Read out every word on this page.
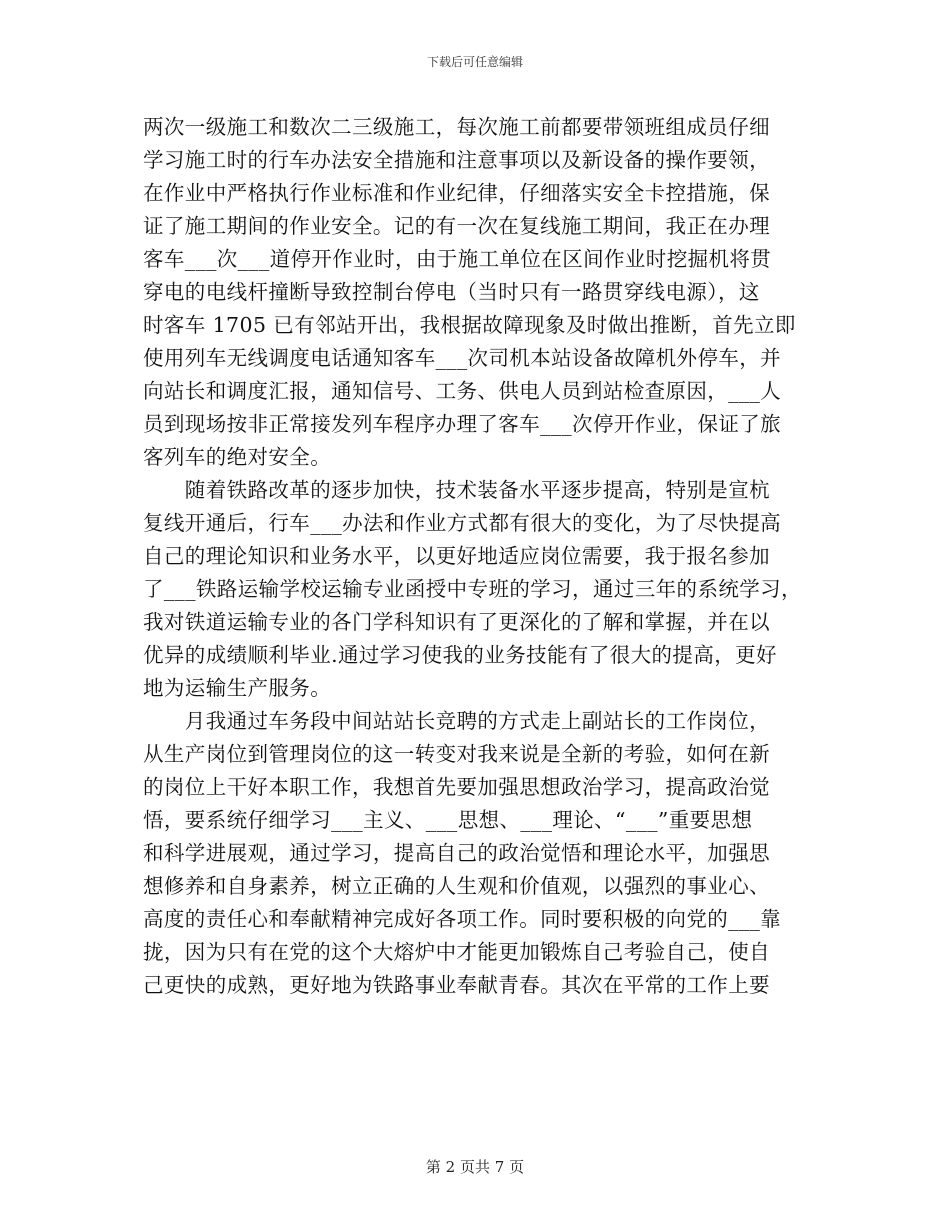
下载后可任意编辑
两次一级施工和数次二三级施工，每次施工前都要带领班组成员仔细
学习施工时的行车办法安全措施和注意事项以及新设备的操作要领，
在作业中严格执行作业标准和作业纪律，仔细落实安全卡控措施，保
证了施工期间的作业安全。记的有一次在复线施工期间，我正在办理
客车___次___道停开作业时，由于施工单位在区间作业时挖掘机将贯
穿电的电线杆撞断导致控制台停电（当时只有一路贯穿线电源），这
时客车 1705 已有邻站开出，我根据故障现象及时做出推断，首先立即
使用列车无线调度电话通知客车___次司机本站设备故障机外停车，并
向站长和调度汇报，通知信号、工务、供电人员到站检查原因，___人
员到现场按非正常接发列车程序办理了客车___次停开作业，保证了旅
客列车的绝对安全。
　　随着铁路改革的逐步加快，技术装备水平逐步提高，特别是宣杭
复线开通后，行车___办法和作业方式都有很大的变化，为了尽快提高
自己的理论知识和业务水平，以更好地适应岗位需要，我于报名参加
了___铁路运输学校运输专业函授中专班的学习，通过三年的系统学习，
我对铁道运输专业的各门学科知识有了更深化的了解和掌握，并在以
优异的成绩顺利毕业.通过学习使我的业务技能有了很大的提高，更好
地为运输生产服务。
　　月我通过车务段中间站站长竞聘的方式走上副站长的工作岗位，
从生产岗位到管理岗位的这一转变对我来说是全新的考验，如何在新
的岗位上干好本职工作，我想首先要加强思想政治学习，提高政治觉
悟，要系统仔细学习___主义、___思想、___理论、“___”重要思想
和科学进展观，通过学习，提高自己的政治觉悟和理论水平，加强思
想修养和自身素养，树立正确的人生观和价值观，以强烈的事业心、
高度的责任心和奉献精神完成好各项工作。同时要积极的向党的___靠
拢，因为只有在党的这个大熔炉中才能更加锻炼自己考验自己，使自
己更快的成熟，更好地为铁路事业奉献青春。其次在平常的工作上要
第 2 页共 7 页
